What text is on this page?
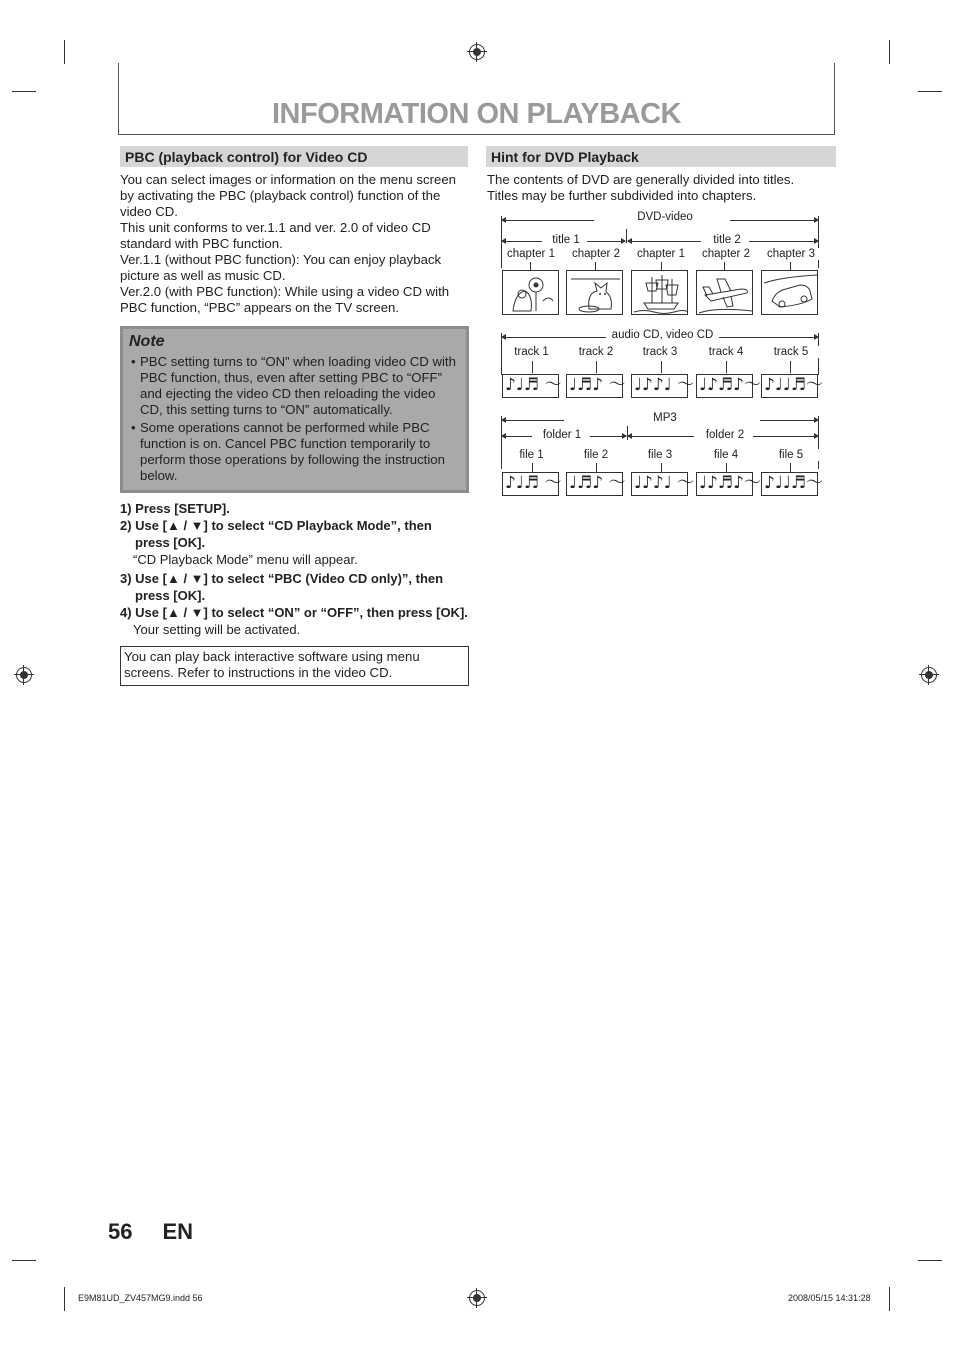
INFORMATION ON PLAYBACK
PBC (playback control) for Video CD
You can select images or information on the menu screen by activating the PBC (playback control) function of the video CD.
This unit conforms to ver.1.1 and ver. 2.0 of video CD standard with PBC function.
Ver.1.1 (without PBC function): You can enjoy playback picture as well as music CD.
Ver.2.0 (with PBC function): While using a video CD with PBC function, “PBC” appears on the TV screen.
Note
• PBC setting turns to “ON” when loading video CD with PBC function, thus, even after setting PBC to “OFF” and ejecting the video CD then reloading the video CD, this setting turns to “ON” automatically.
• Some operations cannot be performed while PBC function is on. Cancel PBC function temporarily to perform those operations by following the instruction below.
1) Press [SETUP].
2) Use [▲ / ▼] to select “CD Playback Mode”, then
press [OK].
“CD Playback Mode” menu will appear.
3) Use [▲ / ▼] to select “PBC (Video CD only)”, then
press [OK].
4) Use [▲ / ▼] to select “ON” or “OFF”, then press [OK].
Your setting will be activated.
You can play back interactive software using menu screens. Refer to instructions in the video CD.
Hint for DVD Playback
The contents of DVD are generally divided into titles.
Titles may be further subdivided into chapters.
DVD-video
title 1	title 2
chapter 1	chapter 2	chapter 1	chapter 2	chapter 3
audio CD, video CD
track 1	track 2	track 3	track 4	track 5
♪♩♬ ～ ♩♬♪ ～ ♩♪♪♩ ～ ♩♪♬♪～ ♪♩♩♬～
MP3
folder 1	folder 2
file 1	file 2	file 3	file 4	file 5
♪♩♬ ～ ♩♬♪ ～ ♩♪♪♩ ～ ♩♪♬♪～ ♪♩♩♬～
56 EN
E9M81UD_ZV457MG9.indd 56	2008/05/15 14:31:28
